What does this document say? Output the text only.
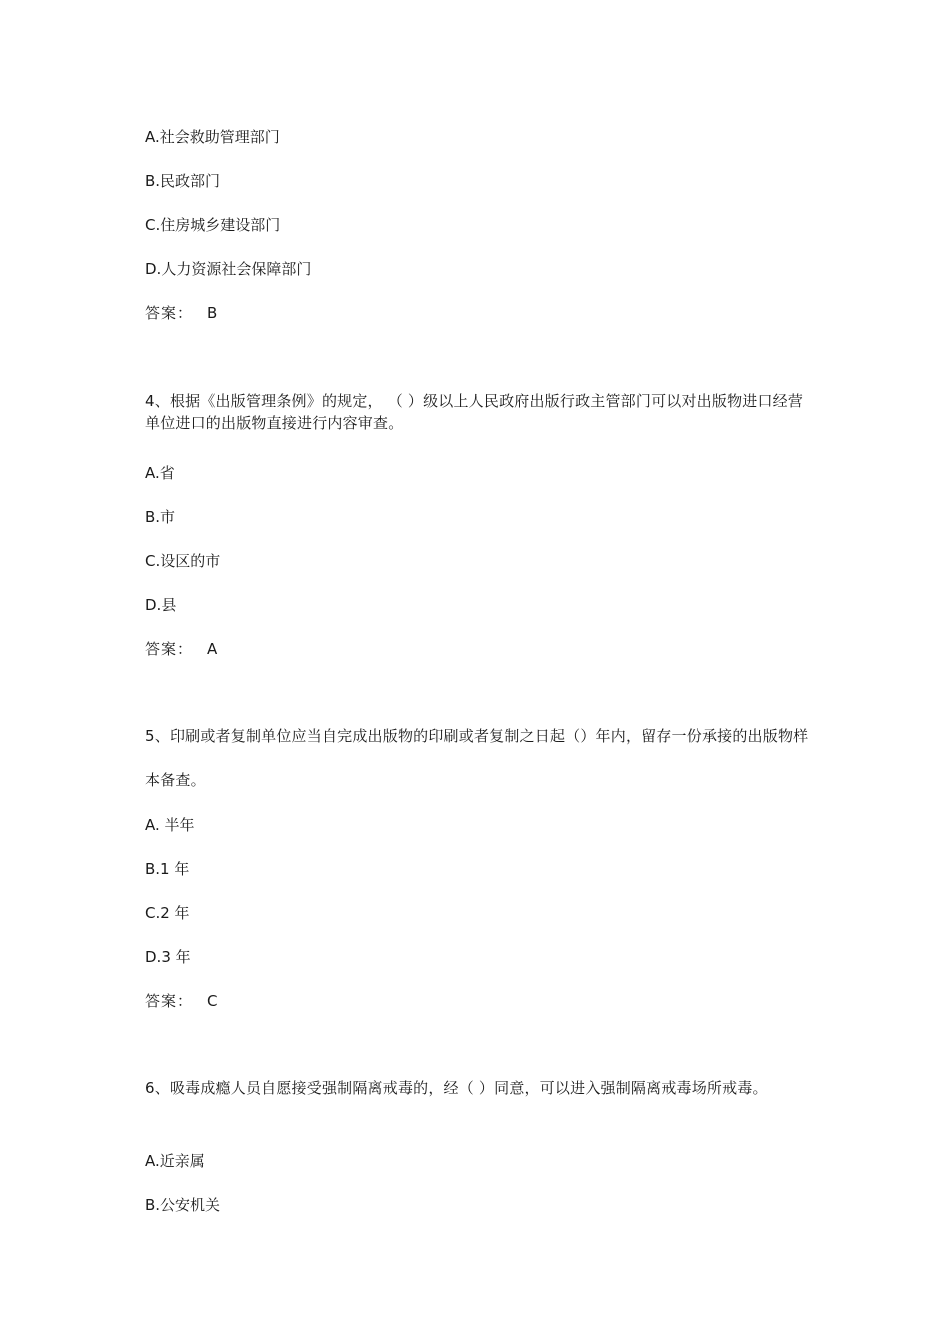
A.社会救助管理部门
B.民政部门
C.住房城乡建设部门
D.人力资源社会保障部门
答案： B
4、根据《出版管理条例》的规定， （ ）级以上人民政府出版行政主管部门可以对出版物进口经营单位进口的出版物直接进行内容审查。
A.省
B.市
C.设区的市
D.县
答案： A
5、印刷或者复制单位应当自完成出版物的印刷或者复制之日起（）年内，留存一份承接的出版物样本备查。
A. 半年
B.1 年
C.2 年
D.3 年
答案： C
6、吸毒成瘾人员自愿接受强制隔离戒毒的，经（ ）同意，可以进入强制隔离戒毒场所戒毒。
A.近亲属
B.公安机关
